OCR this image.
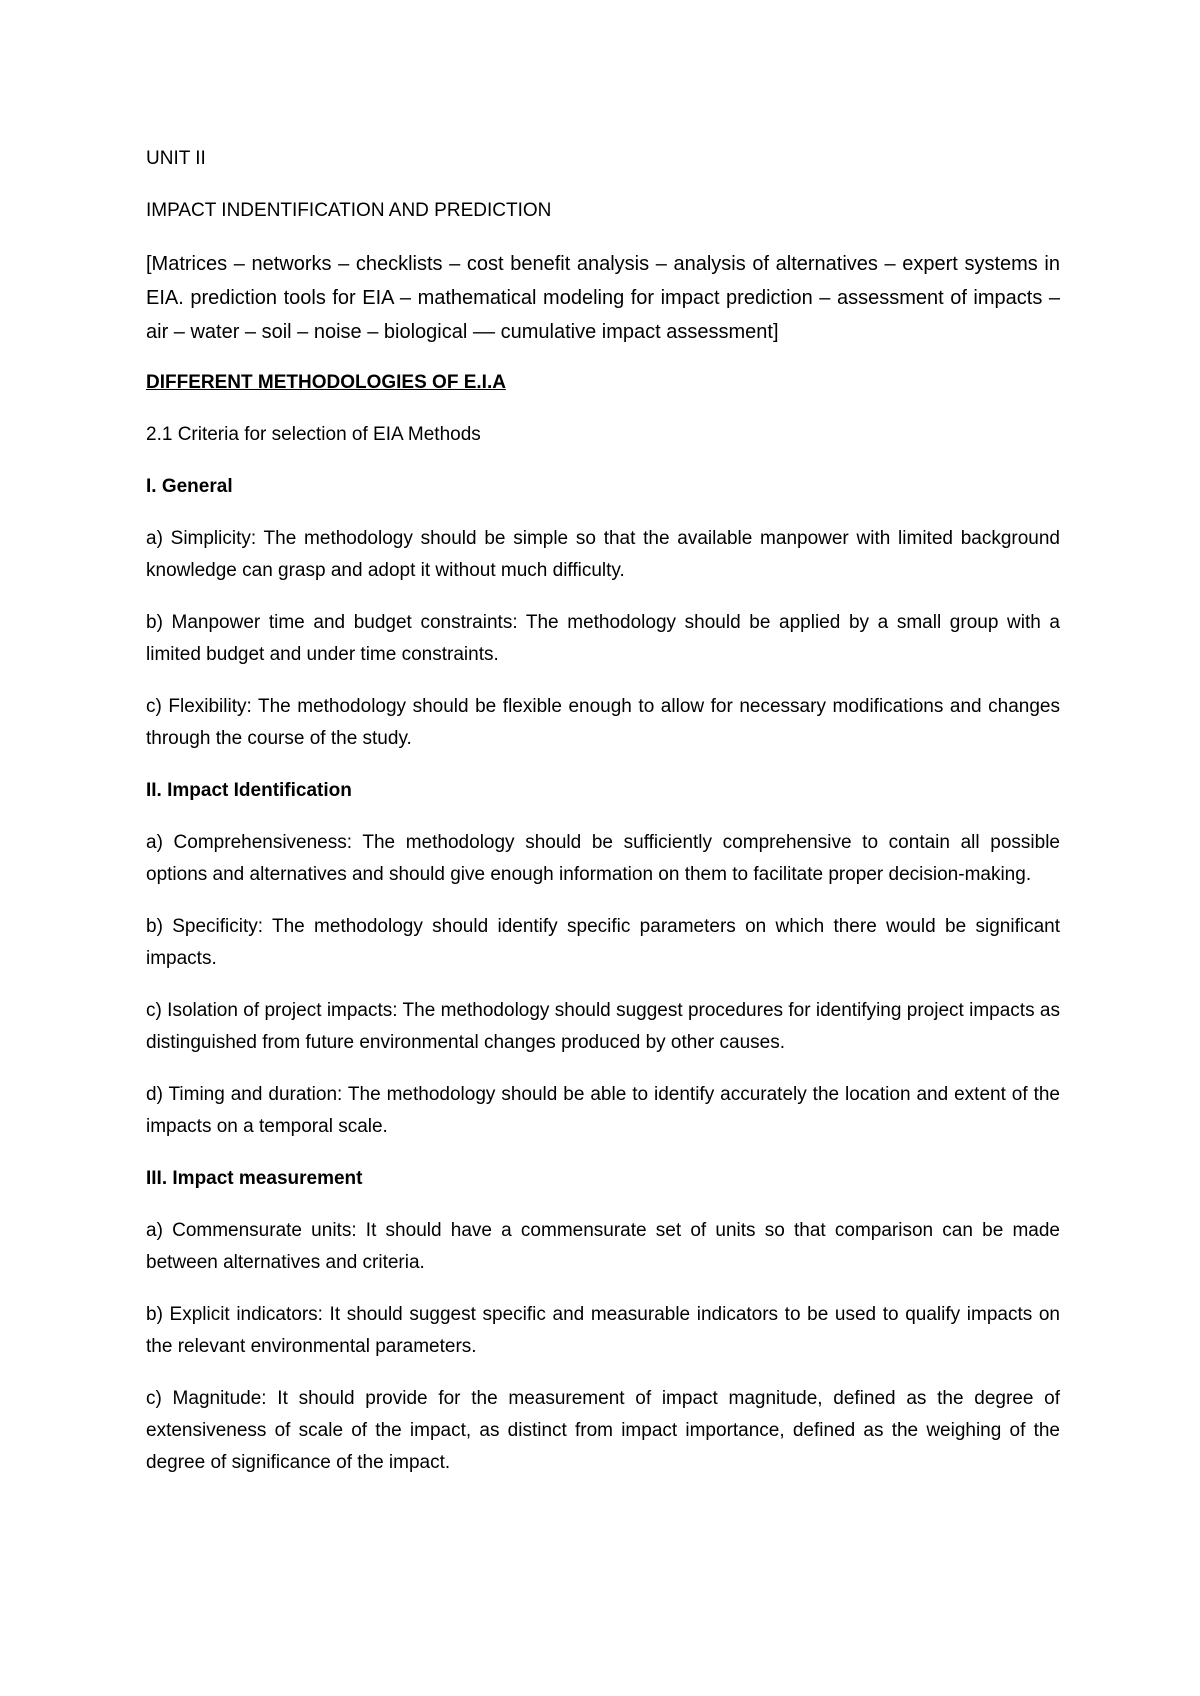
UNIT II
IMPACT INDENTIFICATION AND PREDICTION
[Matrices – networks – checklists – cost benefit analysis – analysis of alternatives – expert systems in EIA. prediction tools for EIA – mathematical modeling for impact prediction – assessment of impacts – air – water – soil – noise – biological –– cumulative impact assessment]
DIFFERENT METHODOLOGIES OF E.I.A
2.1 Criteria for selection of EIA Methods
I. General

a) Simplicity: The methodology should be simple so that the available manpower with limited background knowledge can grasp and adopt it without much difficulty.

b) Manpower time and budget constraints: The methodology should be applied by a small group with a limited budget and under time constraints.

c) Flexibility: The methodology should be flexible enough to allow for necessary modifications and changes through the course of the study.

II. Impact Identification

a) Comprehensiveness: The methodology should be sufficiently comprehensive to contain all possible options and alternatives and should give enough information on them to facilitate proper decision-making.

b) Specificity: The methodology should identify specific parameters on which there would be significant impacts.

c) Isolation of project impacts: The methodology should suggest procedures for identifying project impacts as distinguished from future environmental changes produced by other causes.

d) Timing and duration: The methodology should be able to identify accurately the location and extent of the impacts on a temporal scale.

III. Impact measurement

a) Commensurate units: It should have a commensurate set of units so that comparison can be made between alternatives and criteria.

b) Explicit indicators: It should suggest specific and measurable indicators to be used to qualify impacts on the relevant environmental parameters.

c) Magnitude: It should provide for the measurement of impact magnitude, defined as the degree of extensiveness of scale of the impact, as distinct from impact importance, defined as the weighing of the degree of significance of the impact.
